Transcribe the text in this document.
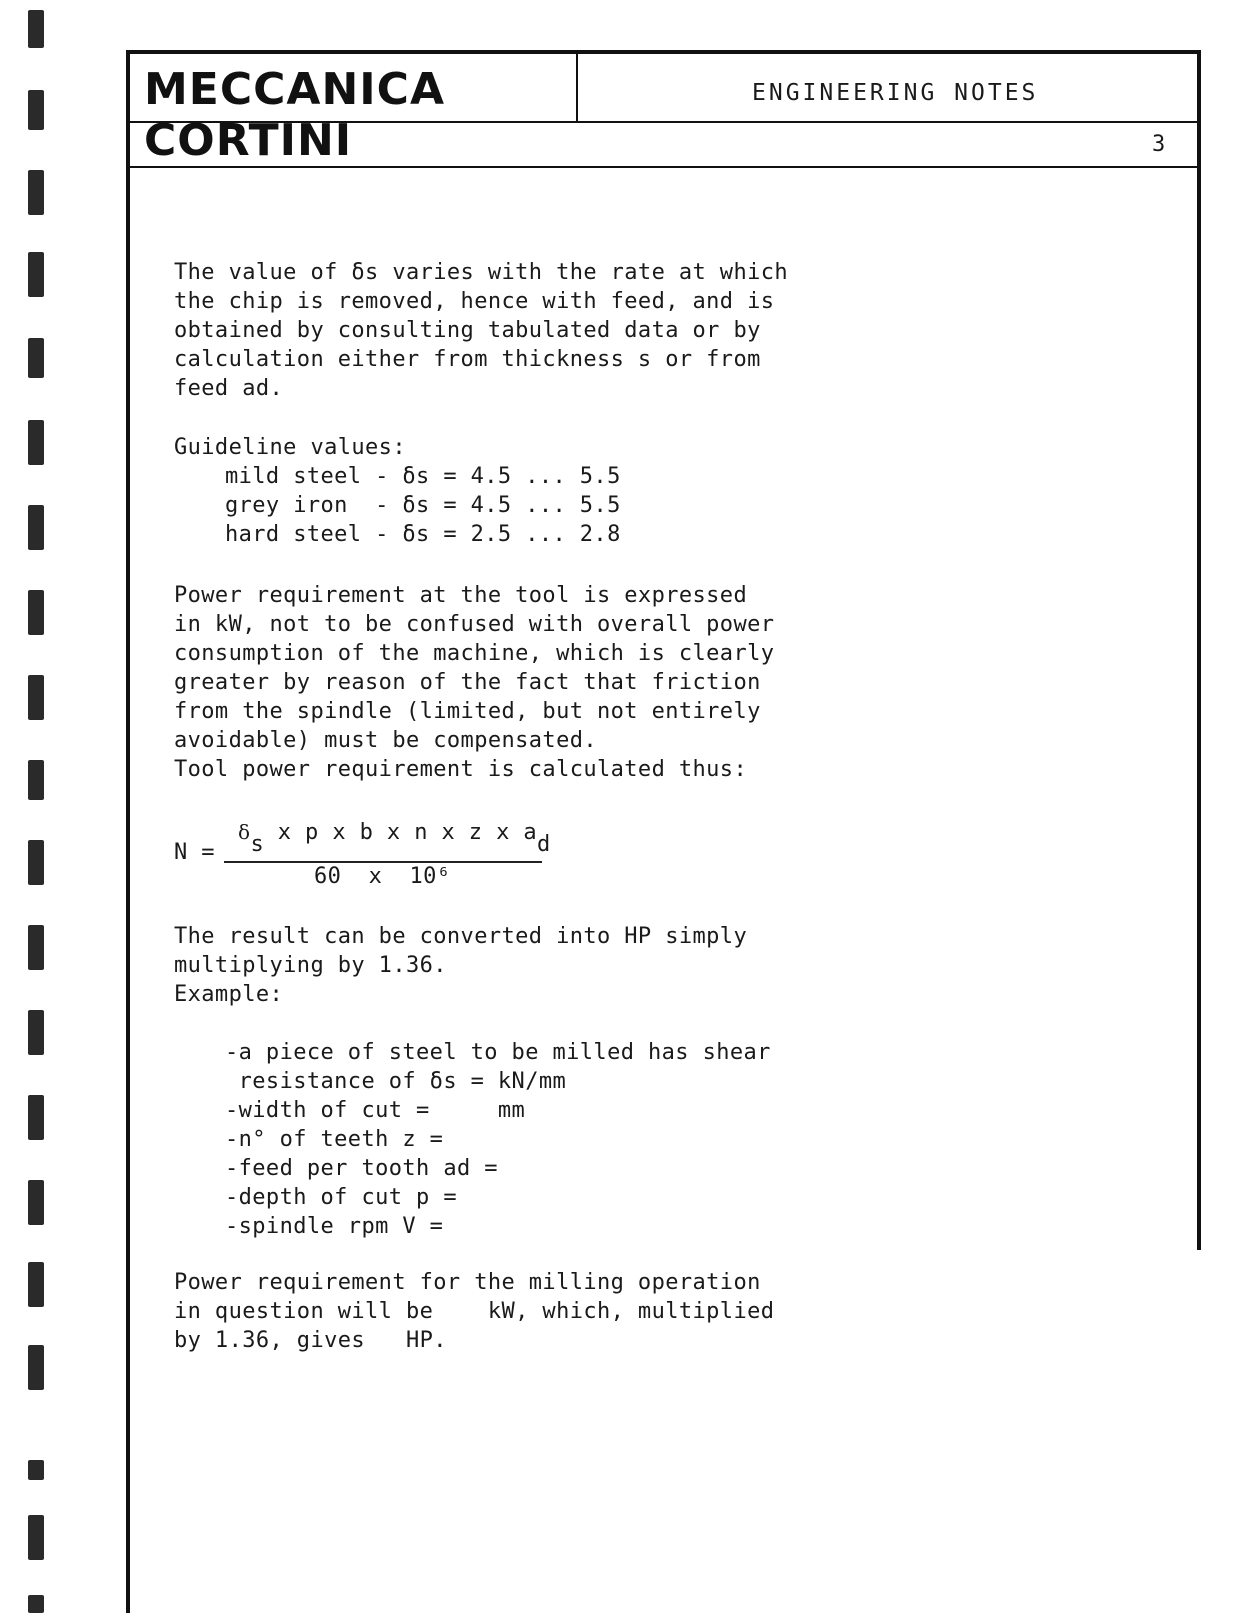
MECCANICA CORTINI
ENGINEERING NOTES
3
The value of δs varies with the rate at which
the chip is removed, hence with feed, and is
obtained by consulting tabulated data or by
calculation either from thickness s or from
feed ad.
Guideline values:
mild steel - δs = 4.5 ... 5.5
grey iron  - δs = 4.5 ... 5.5
hard steel - δs = 2.5 ... 2.8
Power requirement at the tool is expressed
in kW, not to be confused with overall power
consumption of the machine, which is clearly
greater by reason of the fact that friction
from the spindle (limited, but not entirely
avoidable) must be compensated.
Tool power requirement is calculated thus:
N =
δs x p x b x n x z x ad
60  x  10⁶
The result can be converted into HP simply
multiplying by 1.36.
Example:
-a piece of steel to be milled has shear
resistance of δs = kN/mm
-width of cut =     mm
-n° of teeth z =
-feed per tooth ad =
-depth of cut p =
-spindle rpm V =
Power requirement for the milling operation
in question will be    kW, which, multiplied
by 1.36, gives   HP.
